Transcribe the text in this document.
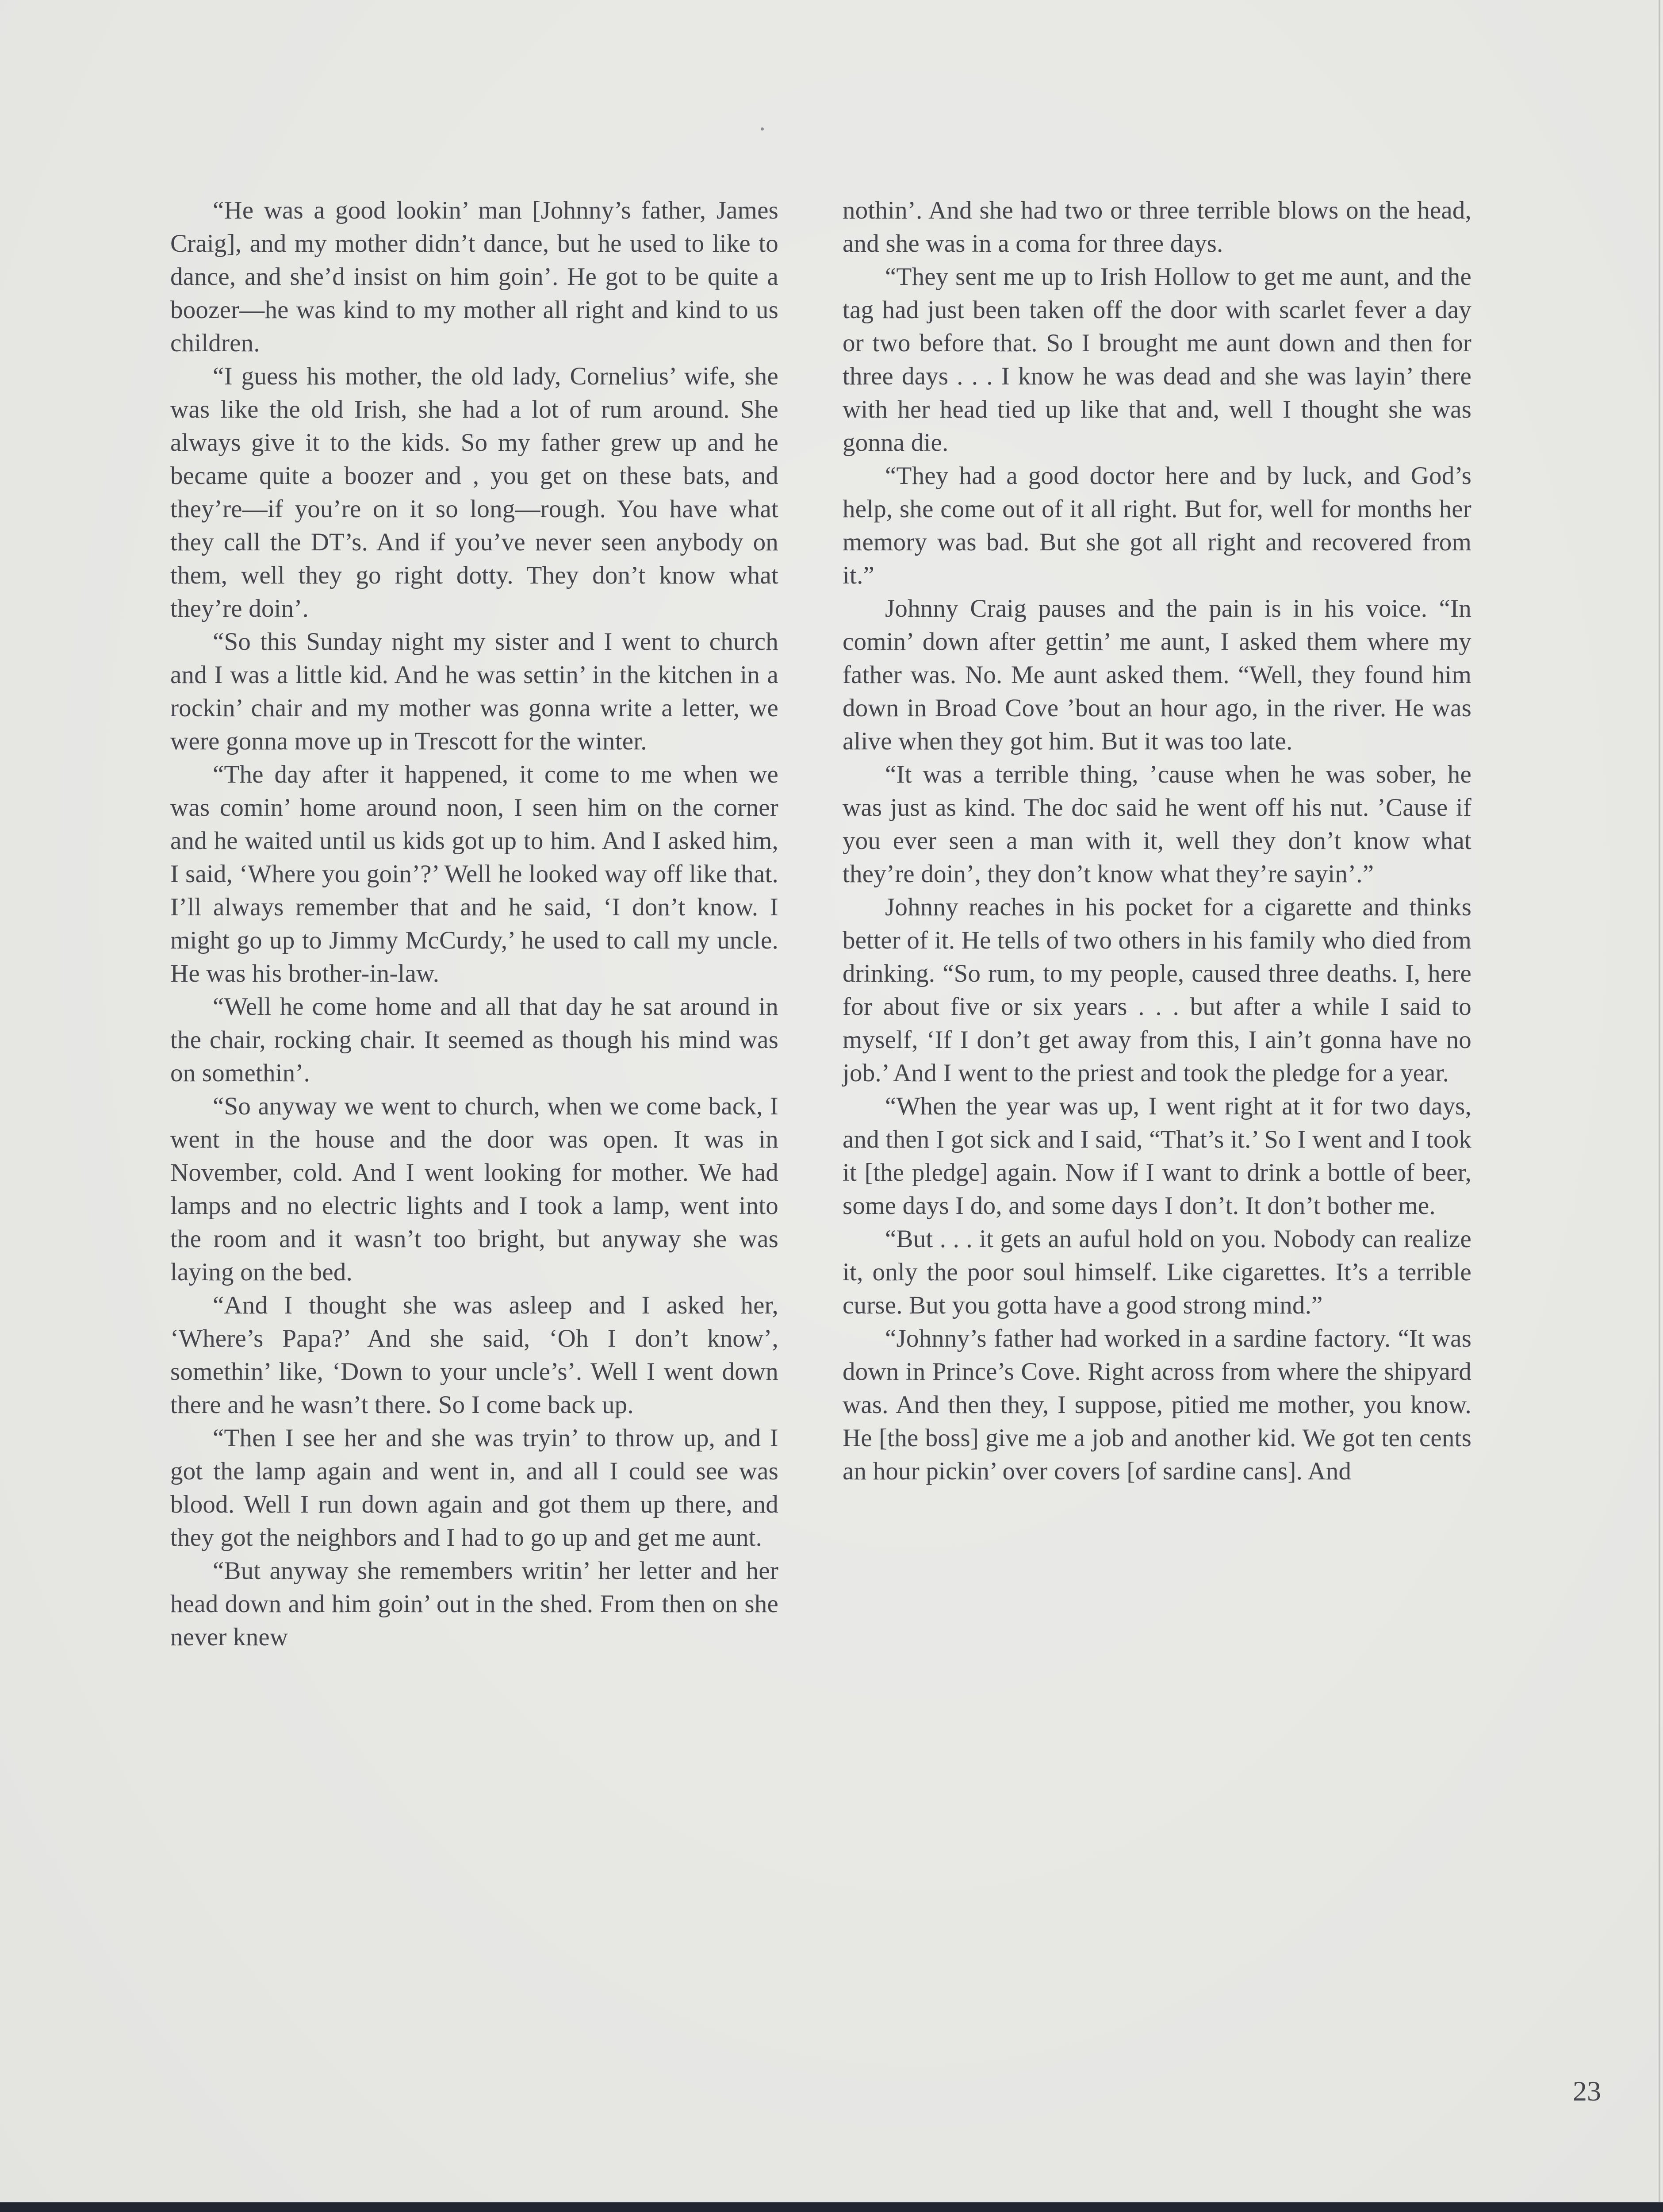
“He was a good lookin’ man [Johnny’s father, James Craig], and my mother didn’t dance, but he used to like to dance, and she’d insist on him goin’. He got to be quite a boozer—he was kind to my mother all right and kind to us children.

“I guess his mother, the old lady, Cornelius’ wife, she was like the old Irish, she had a lot of rum around. She always give it to the kids. So my father grew up and he became quite a boozer and , you get on these bats, and they’re—if you’re on it so long—rough. You have what they call the DT’s. And if you’ve never seen anybody on them, well they go right dotty. They don’t know what they’re doin’.

“So this Sunday night my sister and I went to church and I was a little kid. And he was settin’ in the kitchen in a rockin’ chair and my mother was gonna write a letter, we were gonna move up in Trescott for the winter.

“The day after it happened, it come to me when we was comin’ home around noon, I seen him on the corner and he waited until us kids got up to him. And I asked him, I said, ‘Where you goin’?’ Well he looked way off like that. I’ll always remember that and he said, ‘I don’t know. I might go up to Jimmy McCurdy,’ he used to call my uncle. He was his brother-in-law.

“Well he come home and all that day he sat around in the chair, rocking chair. It seemed as though his mind was on somethin’.

“So anyway we went to church, when we come back, I went in the house and the door was open. It was in November, cold. And I went looking for mother. We had lamps and no electric lights and I took a lamp, went into the room and it wasn’t too bright, but anyway she was laying on the bed.

“And I thought she was asleep and I asked her, ‘Where’s Papa?’ And she said, ‘Oh I don’t know’, somethin’ like, ‘Down to your uncle’s’. Well I went down there and he wasn’t there. So I come back up.

“Then I see her and she was tryin’ to throw up, and I got the lamp again and went in, and all I could see was blood. Well I run down again and got them up there, and they got the neighbors and I had to go up and get me aunt.

“But anyway she remembers writin’ her letter and her head down and him goin’ out in the shed. From then on she never knew

nothin’. And she had two or three terrible blows on the head, and she was in a coma for three days.

“They sent me up to Irish Hollow to get me aunt, and the tag had just been taken off the door with scarlet fever a day or two before that. So I brought me aunt down and then for three days . . . I know he was dead and she was layin’ there with her head tied up like that and, well I thought she was gonna die.

“They had a good doctor here and by luck, and God’s help, she come out of it all right. But for, well for months her memory was bad. But she got all right and recovered from it.”

Johnny Craig pauses and the pain is in his voice. “In comin’ down after gettin’ me aunt, I asked them where my father was. No. Me aunt asked them. “Well, they found him down in Broad Cove ’bout an hour ago, in the river. He was alive when they got him. But it was too late.

“It was a terrible thing, ’cause when he was sober, he was just as kind. The doc said he went off his nut. ’Cause if you ever seen a man with it, well they don’t know what they’re doin’, they don’t know what they’re sayin’.”

Johnny reaches in his pocket for a cigarette and thinks better of it. He tells of two others in his family who died from drinking. “So rum, to my people, caused three deaths. I, here for about five or six years . . . but after a while I said to myself, ‘If I don’t get away from this, I ain’t gonna have no job.’ And I went to the priest and took the pledge for a year.

“When the year was up, I went right at it for two days, and then I got sick and I said, “That’s it.’ So I went and I took it [the pledge] again. Now if I want to drink a bottle of beer, some days I do, and some days I don’t. It don’t bother me.

“But . . . it gets an auful hold on you. Nobody can realize it, only the poor soul himself. Like cigarettes. It’s a terrible curse. But you gotta have a good strong mind.”

“Johnny’s father had worked in a sardine factory. “It was down in Prince’s Cove. Right across from where the shipyard was. And then they, I suppose, pitied me mother, you know. He [the boss] give me a job and another kid. We got ten cents an hour pickin’ over covers [of sardine cans]. And

23
